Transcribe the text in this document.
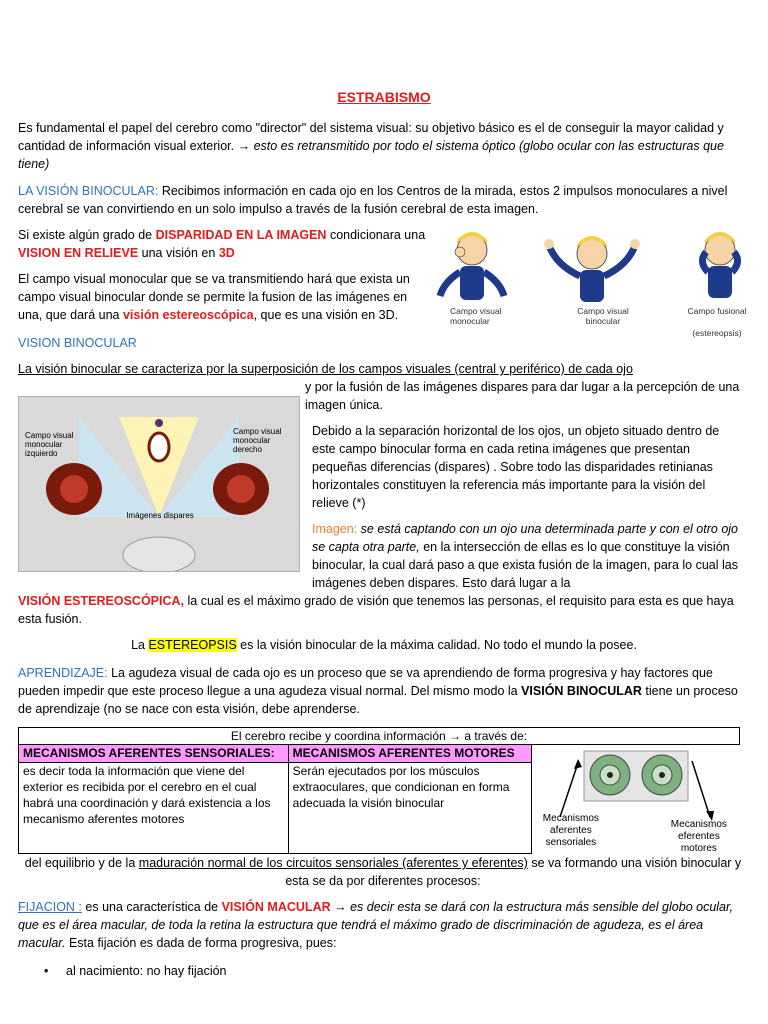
ESTRABISMO

Es fundamental el papel del cerebro como "director" del sistema visual: su objetivo básico es el de conseguir la mayor calidad y cantidad de información visual exterior. → esto es retransmitido por todo el sistema óptico (globo ocular con las estructuras que tiene)

LA VISIÓN BINOCULAR: Recibimos información en cada ojo en los Centros de la mirada, estos 2 impulsos monoculares a nivel cerebral se van convirtiendo en un solo impulso a través de la fusión cerebral de esta imagen.

Si existe algún grado de DISPARIDAD EN LA IMAGEN condicionara una VISION EN RELIEVE una visión en 3D

El campo visual monocular que se va transmitiendo hará que exista un campo visual binocular donde se permite la fusion de las imágenes en una, que dará una visión estereoscópica, que es una visión en 3D.	Campo visual monocular
Campo visual binocular
Campo fusional
(estereopsis)
VISION BINOCULAR

La visión binocular se caracteriza por la superposición de los campos visuales (central y periférico) de cada ojo

y por la fusión de las imágenes dispares para dar lugar a la percepción de una imagen única.

Campo visual monocular izquierdo
Campo visual monocular derecho
Imágenes dispares

Debido a la separación horizontal de los ojos, un objeto situado dentro de este campo binocular forma en cada retina imágenes que presentan pequeñas diferencias (dispares) . Sobre todo las disparidades retinianas horizontales constituyen la referencia más importante para la visión del relieve (*)

Imagen: se está captando con un ojo una determinada parte y con el otro ojo se capta otra parte, en la intersección de ellas es lo que constituye la visión binocular, la cual dará paso a que exista fusión de la imagen, para lo cual las imágenes deben dispares. Esto dará lugar a la

VISIÓN ESTEREOSCÓPICA, la cual es el máximo grado de visión que tenemos las personas, el requisito para esta es que haya esta fusión.

La ESTEREOPSIS es la visión binocular de la máxima calidad. No todo el mundo la posee.

APRENDIZAJE: La agudeza visual de cada ojo es un proceso que se va aprendiendo de forma progresiva y hay factores que pueden impedir que este proceso llegue a una agudeza visual normal. Del mismo modo la VISIÓN BINOCULAR tiene un proceso de aprendizaje (no se nace con esta visión, debe aprenderse.

El cerebro recibe y coordina información → a través de:		
MECANISMOS AFERENTES SENSORIALES:	MECANISMOS AFERENTES MOTORES	Mecanismos aferentes sensoriales
Mecanismos eferentes motores

es decir toda la información que viene del exterior es recibida por el cerebro en el cual habrá una coordinación y dará existencia a los mecanismo aferentes motores	Serán ejecutados por los músculos extraoculares, que condicionan en forma adecuada la visión binocular	

del equilibrio y de la maduración normal de los circuitos sensoriales (aferentes y eferentes) se va formando una visión binocular y esta se da por diferentes procesos:

FIJACION : es una característica de VISIÓN MACULAR → es decir esta se dará con la estructura más sensible del globo ocular, que es el área macular, de toda la retina la estructura que tendrá el máximo grado de discriminación de agudeza, es el área macular. Esta fijación es dada de forma progresiva, pues:

• al nacimiento: no hay fijación
